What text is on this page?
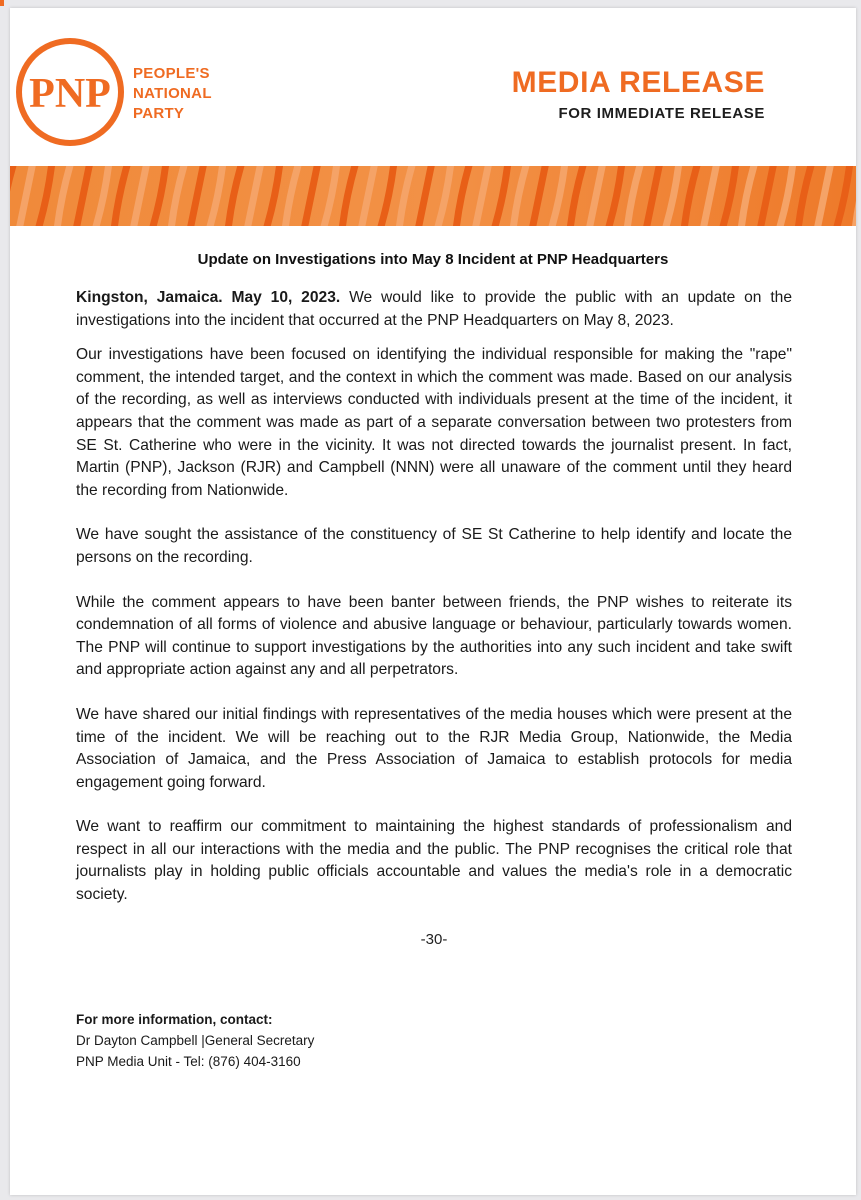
PNP PEOPLE'S
NATIONAL
PARTY
MEDIA RELEASE
FOR IMMEDIATE RELEASE
Update on Investigations into May 8 Incident at PNP Headquarters

Kingston, Jamaica. May 10, 2023. We would like to provide the public with an update on the investigations into the incident that occurred at the PNP Headquarters on May 8, 2023.

Our investigations have been focused on identifying the individual responsible for making the "rape" comment, the intended target, and the context in which the comment was made. Based on our analysis of the recording, as well as interviews conducted with individuals present at the time of the incident, it appears that the comment was made as part of a separate conversation between two protesters from SE St. Catherine who were in the vicinity. It was not directed towards the journalist present. In fact, Martin (PNP), Jackson (RJR) and Campbell (NNN) were all unaware of the comment until they heard the recording from Nationwide.

We have sought the assistance of the constituency of SE St Catherine to help identify and locate the persons on the recording.

While the comment appears to have been banter between friends, the PNP wishes to reiterate its condemnation of all forms of violence and abusive language or behaviour, particularly towards women. The PNP will continue to support investigations by the authorities into any such incident and take swift and appropriate action against any and all perpetrators.

We have shared our initial findings with representatives of the media houses which were present at the time of the incident. We will be reaching out to the RJR Media Group, Nationwide, the Media Association of Jamaica, and the Press Association of Jamaica to establish protocols for media engagement going forward.

We want to reaffirm our commitment to maintaining the highest standards of professionalism and respect in all our interactions with the media and the public. The PNP recognises the critical role that journalists play in holding public officials accountable and values the media's role in a democratic society.

-30-
For more information, contact:
Dr Dayton Campbell |General Secretary
PNP Media Unit - Tel: (876) 404-3160
